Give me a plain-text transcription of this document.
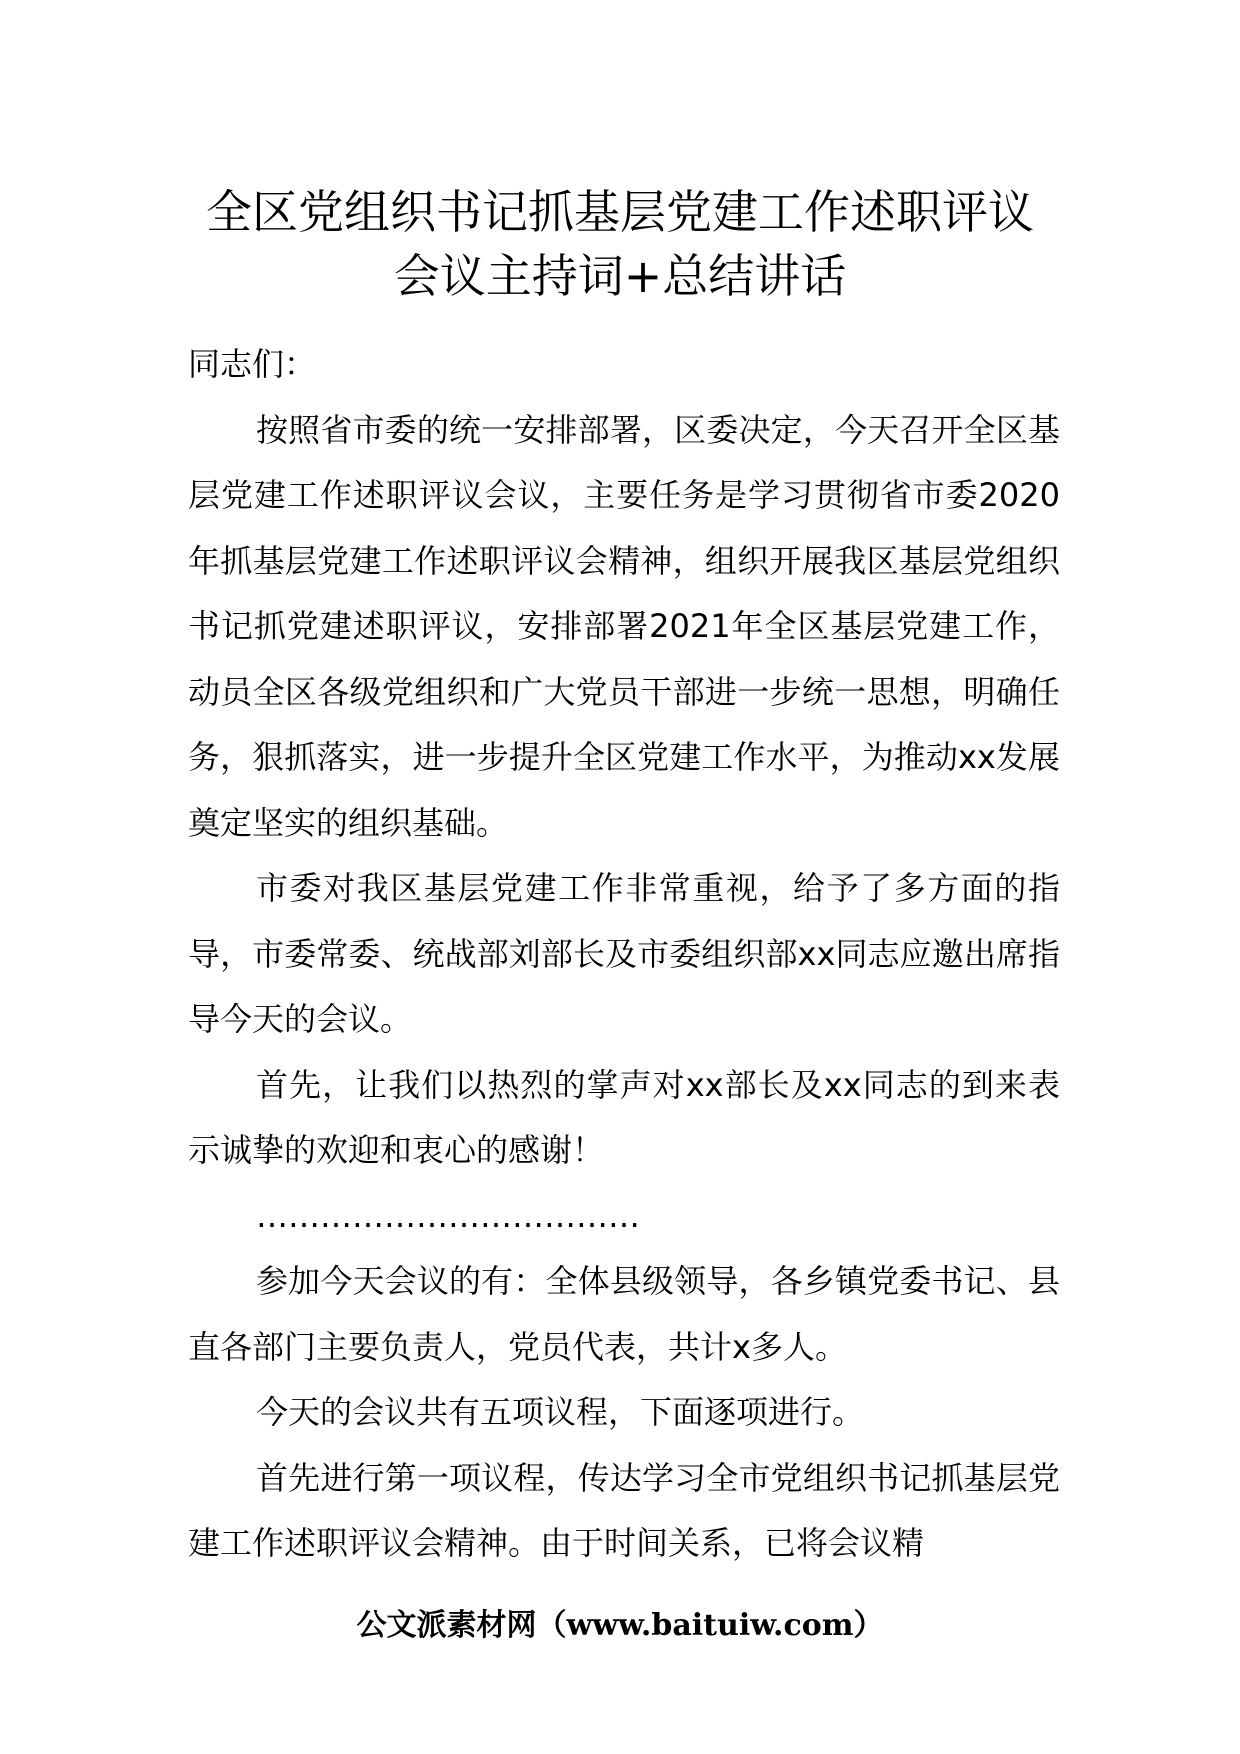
全区党组织书记抓基层党建工作述职评议
会议主持词+总结讲话

同志们：

按照省市委的统一安排部署，区委决定，今天召开全区基层党建工作述职评议会议，主要任务是学习贯彻省市委2020年抓基层党建工作述职评议会精神，组织开展我区基层党组织书记抓党建述职评议，安排部署2021年全区基层党建工作，动员全区各级党组织和广大党员干部进一步统一思想，明确任务，狠抓落实，进一步提升全区党建工作水平，为推动xx发展奠定坚实的组织基础。

市委对我区基层党建工作非常重视，给予了多方面的指导，市委常委、统战部刘部长及市委组织部xx同志应邀出席指导今天的会议。

首先，让我们以热烈的掌声对xx部长及xx同志的到来表示诚挚的欢迎和衷心的感谢！

………………………………

参加今天会议的有：全体县级领导，各乡镇党委书记、县直各部门主要负责人，党员代表，共计x多人。

今天的会议共有五项议程，下面逐项进行。

首先进行第一项议程，传达学习全市党组织书记抓基层党建工作述职评议会精神。由于时间关系，已将会议精

公文派素材网（www.baituiw.com）
